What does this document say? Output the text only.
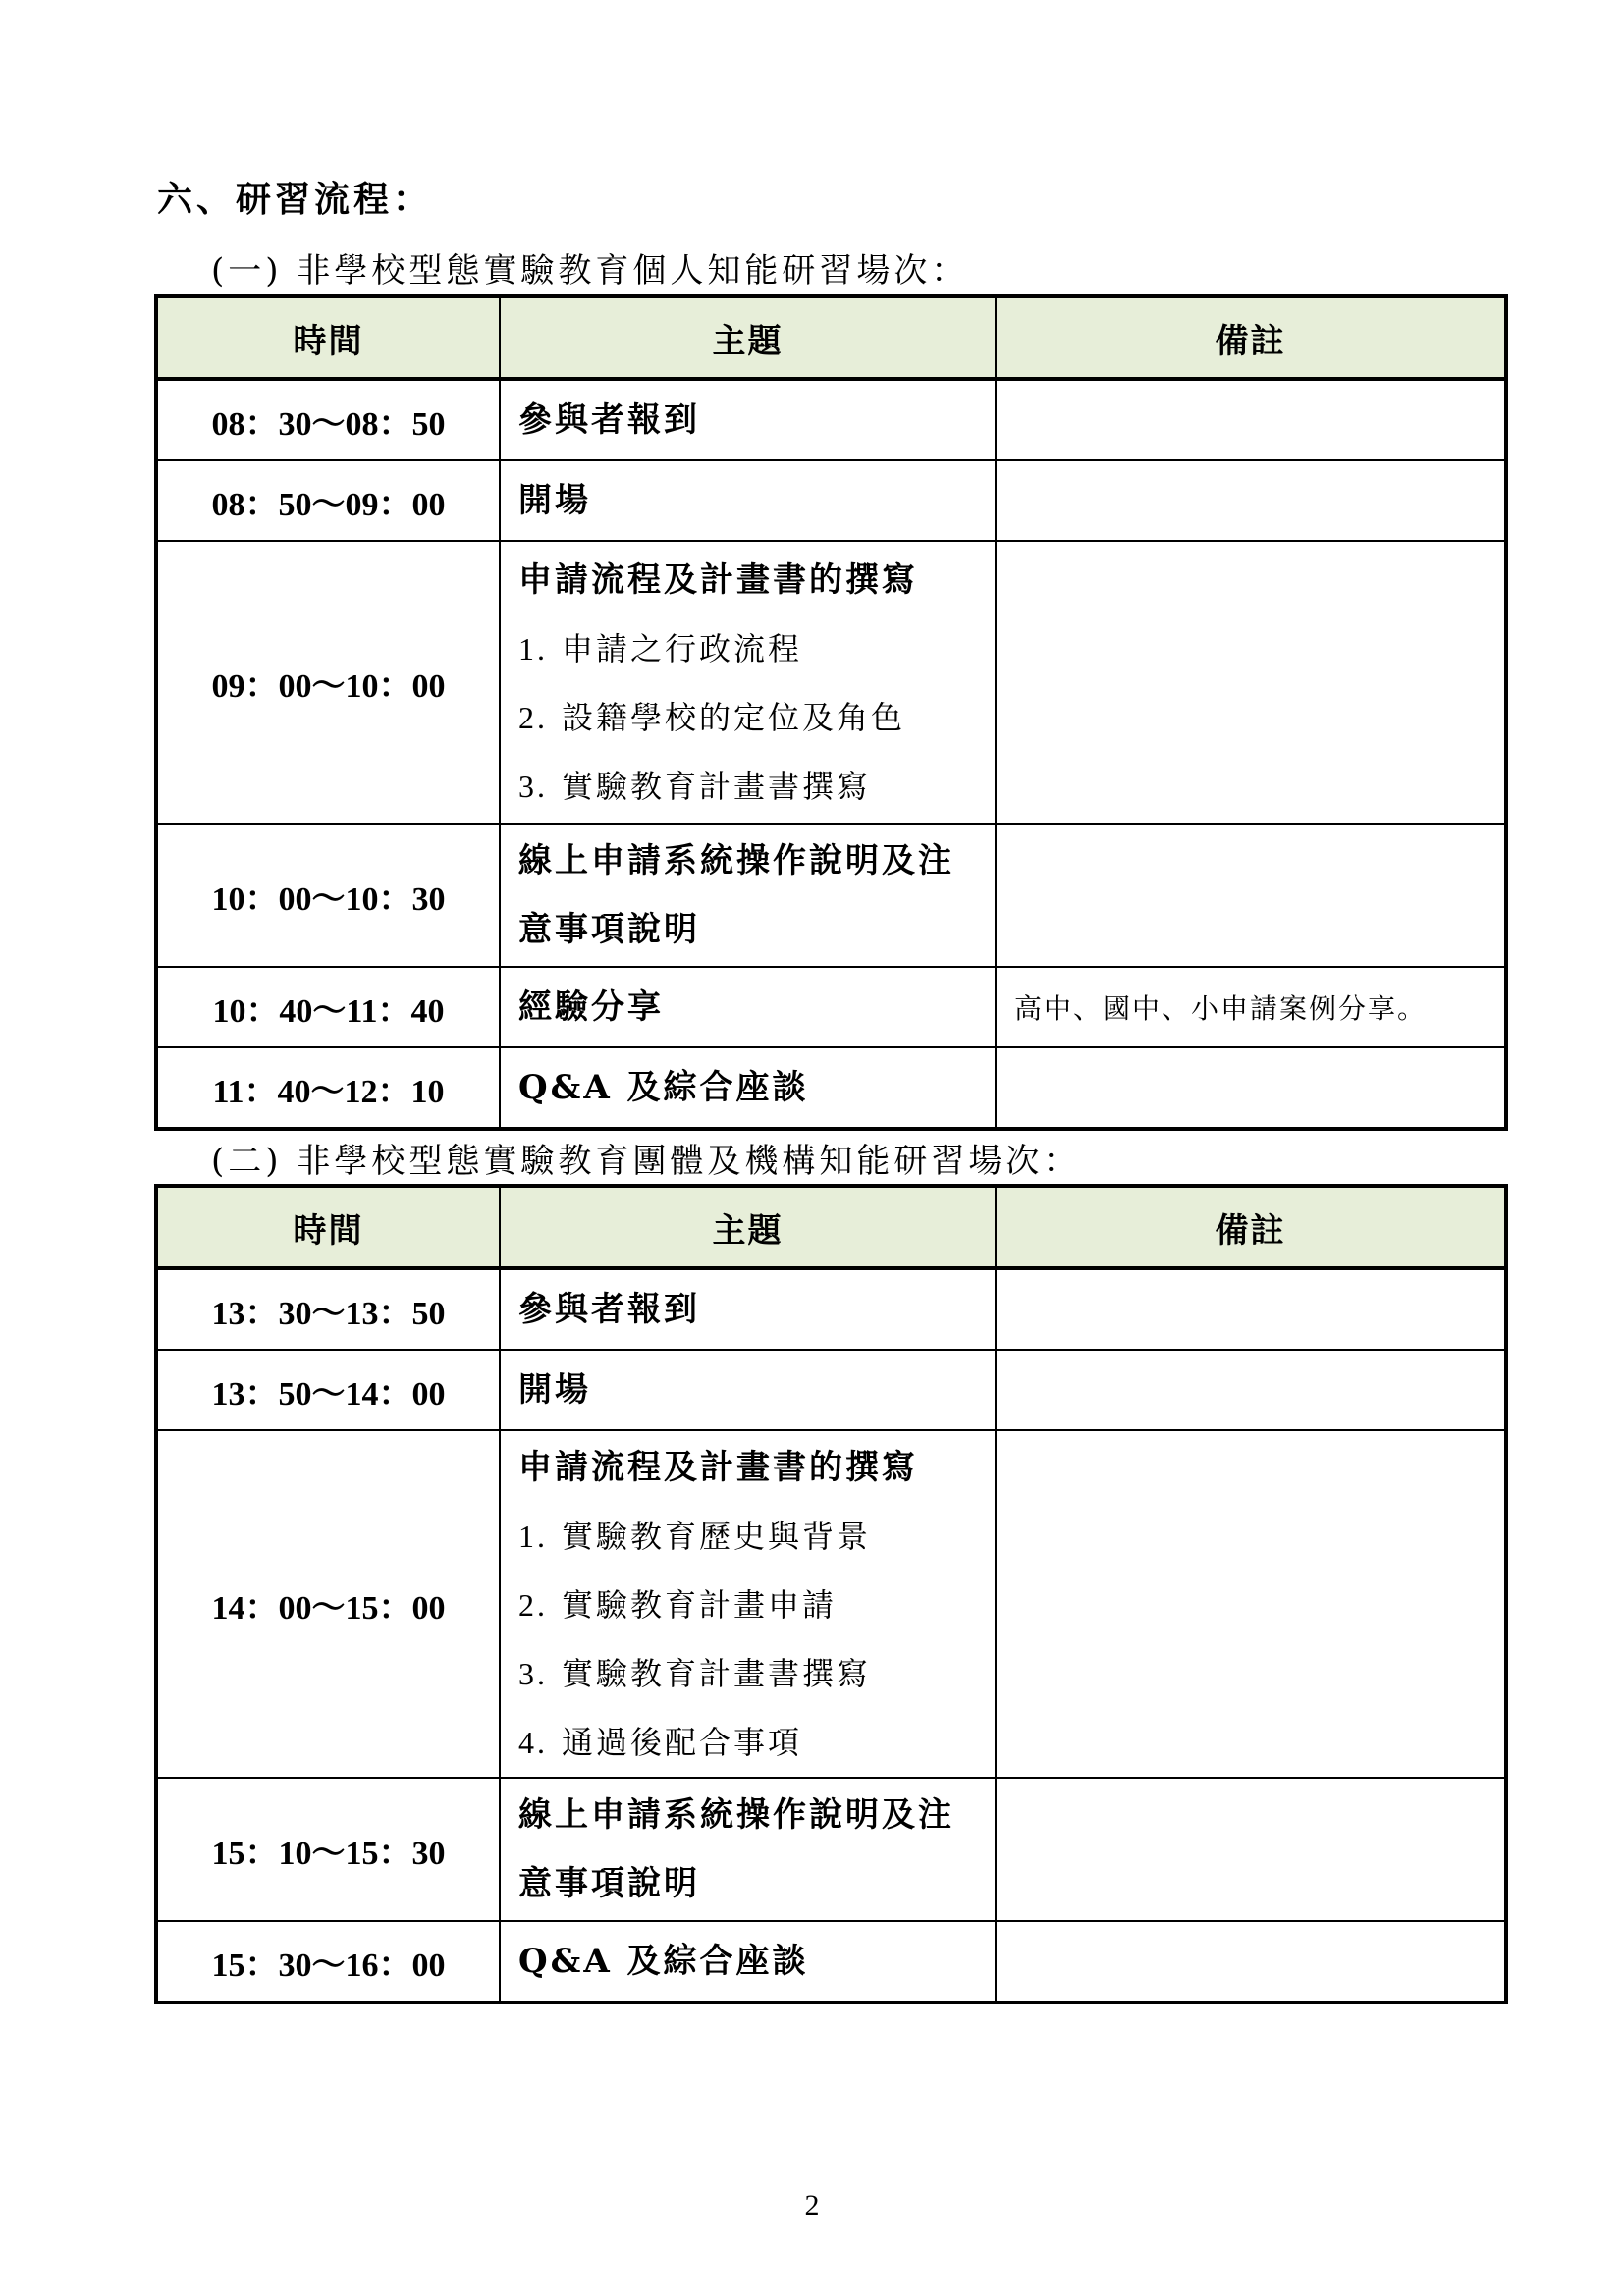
六、研習流程：
(一) 非學校型態實驗教育個人知能研習場次：
時間	主題	備註
08：30～08：50	參與者報到	
08：50～09：00	開場	
09：00～10：00	申請流程及計畫書的撰寫
1. 申請之行政流程
2. 設籍學校的定位及角色
3. 實驗教育計畫書撰寫	

10：00～10：30	線上申請系統操作說明及注
意事項說明	

10：40～11：40	經驗分享	高中、國中、小申請案例分享。
11：40～12：10	Q&A 及綜合座談	
(二) 非學校型態實驗教育團體及機構知能研習場次：
時間	主題	備註
13：30～13：50	參與者報到	
13：50～14：00	開場	
14：00～15：00	申請流程及計畫書的撰寫
1. 實驗教育歷史與背景
2. 實驗教育計畫申請
3. 實驗教育計畫書撰寫
4. 通過後配合事項	

15：10～15：30	線上申請系統操作說明及注
意事項說明	

15：30～16：00	Q&A 及綜合座談	
2
